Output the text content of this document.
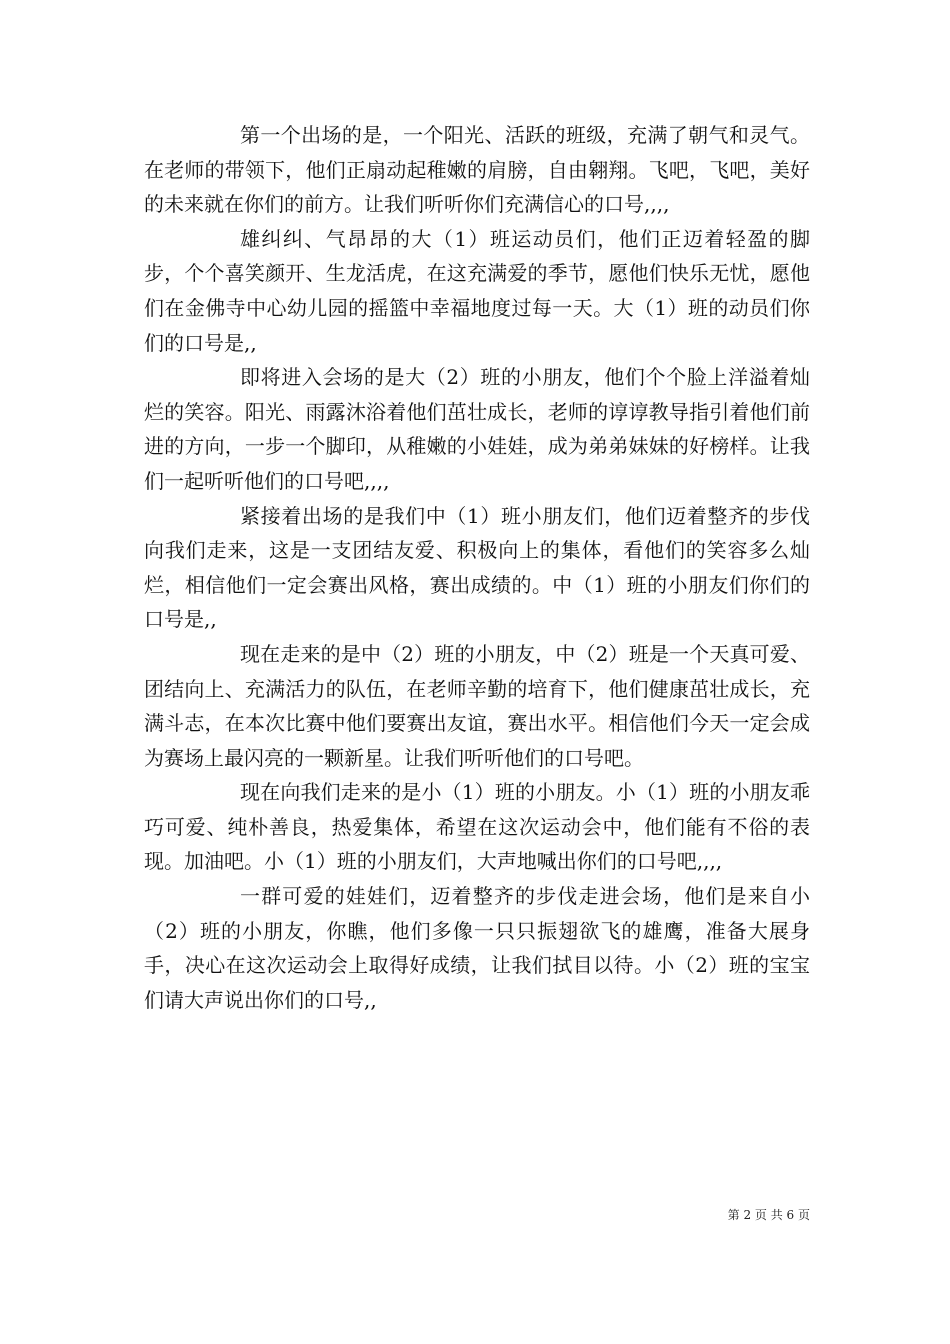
第一个出场的是，一个阳光、活跃的班级，充满了朝气和灵气。在老师的带领下，他们正扇动起稚嫩的肩膀，自由翱翔。飞吧，飞吧，美好的未来就在你们的前方。让我们听听你们充满信心的口号,,,,

雄纠纠、气昂昂的大（1）班运动员们，他们正迈着轻盈的脚步，个个喜笑颜开、生龙活虎，在这充满爱的季节，愿他们快乐无忧，愿他们在金佛寺中心幼儿园的摇篮中幸福地度过每一天。大（1）班的动员们你们的口号是,,

即将进入会场的是大（2）班的小朋友，他们个个脸上洋溢着灿烂的笑容。阳光、雨露沐浴着他们茁壮成长，老师的谆谆教导指引着他们前进的方向，一步一个脚印，从稚嫩的小娃娃，成为弟弟妹妹的好榜样。让我们一起听听他们的口号吧,,,,

紧接着出场的是我们中（1）班小朋友们，他们迈着整齐的步伐向我们走来，这是一支团结友爱、积极向上的集体，看他们的笑容多么灿烂，相信他们一定会赛出风格，赛出成绩的。中（1）班的小朋友们你们的口号是,,

现在走来的是中（2）班的小朋友，中（2）班是一个天真可爱、团结向上、充满活力的队伍，在老师辛勤的培育下，他们健康茁壮成长，充满斗志，在本次比赛中他们要赛出友谊，赛出水平。相信他们今天一定会成为赛场上最闪亮的一颗新星。让我们听听他们的口号吧。

现在向我们走来的是小（1）班的小朋友。小（1）班的小朋友乖巧可爱、纯朴善良，热爱集体，希望在这次运动会中，他们能有不俗的表现。加油吧。小（1）班的小朋友们，大声地喊出你们的口号吧,,,,

一群可爱的娃娃们，迈着整齐的步伐走进会场，他们是来自小（2）班的小朋友，你瞧，他们多像一只只振翅欲飞的雄鹰，准备大展身手，决心在这次运动会上取得好成绩，让我们拭目以待。小（2）班的宝宝们请大声说出你们的口号,,

第 2 页 共 6 页
